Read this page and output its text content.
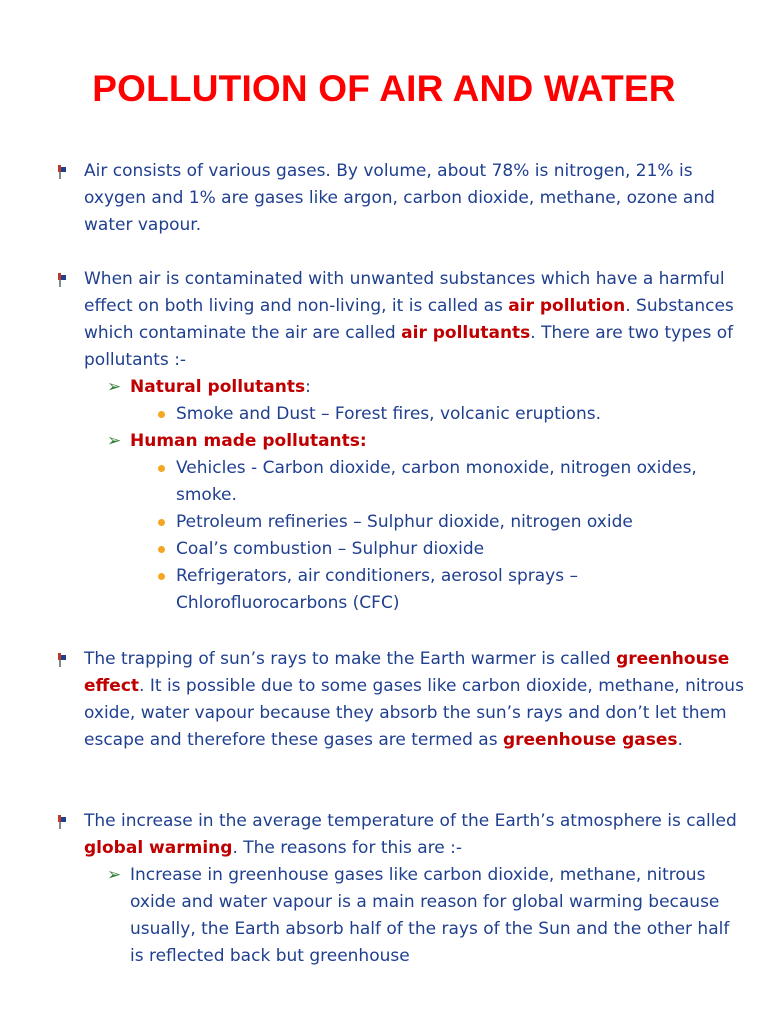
POLLUTION OF AIR AND WATER

Air consists of various gases. By volume, about 78% is nitrogen, 21% is oxygen and 1% are gases like argon, carbon dioxide, methane, ozone and water vapour.

When air is contaminated with unwanted substances which have a harmful effect on both living and non-living, it is called as air pollution. Substances which contaminate the air are called air pollutants. There are two types of pollutants :-

➢ Natural pollutants:

Smoke and Dust – Forest fires, volcanic eruptions.

➢ Human made pollutants:

Vehicles - Carbon dioxide, carbon monoxide, nitrogen oxides, smoke.
Petroleum refineries – Sulphur dioxide, nitrogen oxide
Coal’s combustion – Sulphur dioxide
Refrigerators, air conditioners, aerosol sprays – Chlorofluorocarbons (CFC)

The trapping of sun’s rays to make the Earth warmer is called greenhouse effect. It is possible due to some gases like carbon dioxide, methane, nitrous oxide, water vapour because they absorb the sun’s rays and don’t let them escape and therefore these gases are termed as greenhouse gases.

The increase in the average temperature of the Earth’s atmosphere is called global warming. The reasons for this are :-

➢ Increase in greenhouse gases like carbon dioxide, methane, nitrous oxide and water vapour is a main reason for global warming because usually, the Earth absorb half of the rays of the Sun and the other half is reflected back but greenhouse
